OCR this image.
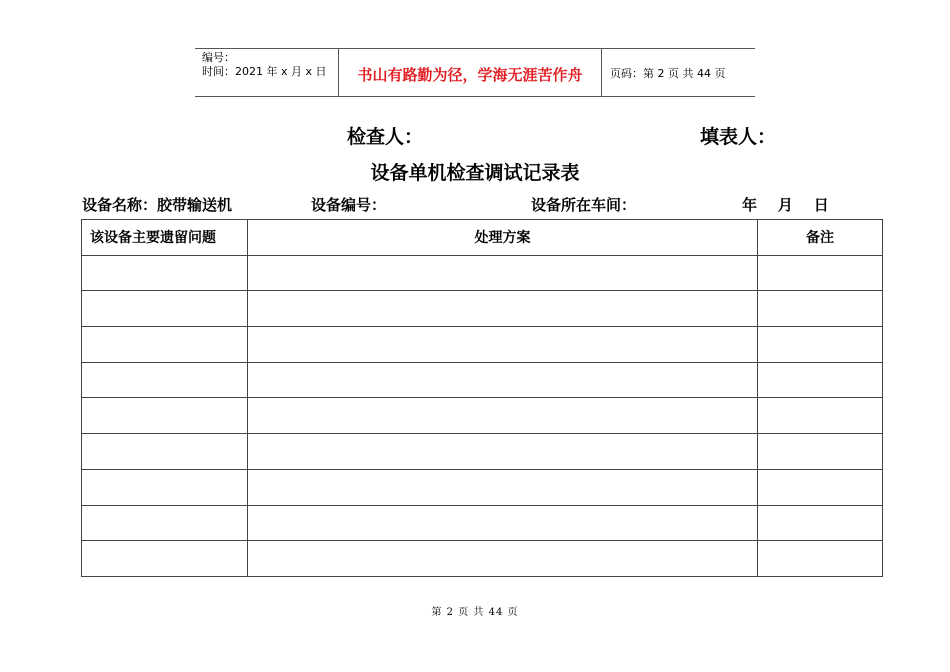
编号：
时间：2021 年 x 月 x 日	书山有路勤为径，学海无涯苦作舟	页码：第 2 页 共 44 页
检查人：	填表人：
设备单机检查调试记录表
设备名称：胶带输送机	设备编号：	设备所在车间：	年    月    日
该设备主要遗留问题	处理方案	备注

第 2 页 共 44 页
